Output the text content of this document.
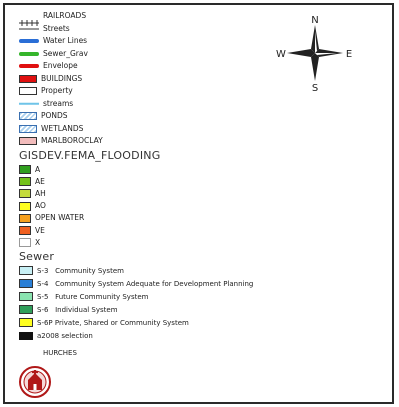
RAILROADS
Streets
Water Lines
Sewer_Grav
Envelope
BUILDINGS
Property
streams
PONDS
WETLANDS
MARLBOROCLAY
GISDEV.FEMA_FLOODING
A
AE
AH
AO
OPEN WATER
VE
X
Sewer
S-3   Community System
S-4   Community System Adequate for Development Planning
S-5   Future Community System
S-6   Individual System
S-6P Private, Shared or Community System
a2008 selection
HURCHES
N
S
E
W
